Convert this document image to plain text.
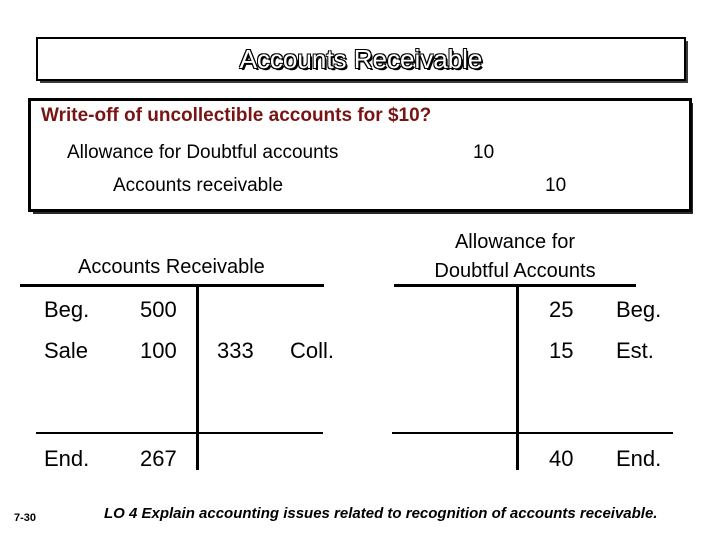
Accounts Receivable
Write-off of uncollectible accounts for $10?
Allowance for Doubtful accounts	10
Accounts receivable	10
Accounts Receivable
Beg. 500
Sale 100 333 Coll.
End. 267
Allowance for
Doubtful Accounts
25 Beg.
15 Est.
40 End.
7-30	LO 4 Explain accounting issues related to recognition of accounts receivable.
